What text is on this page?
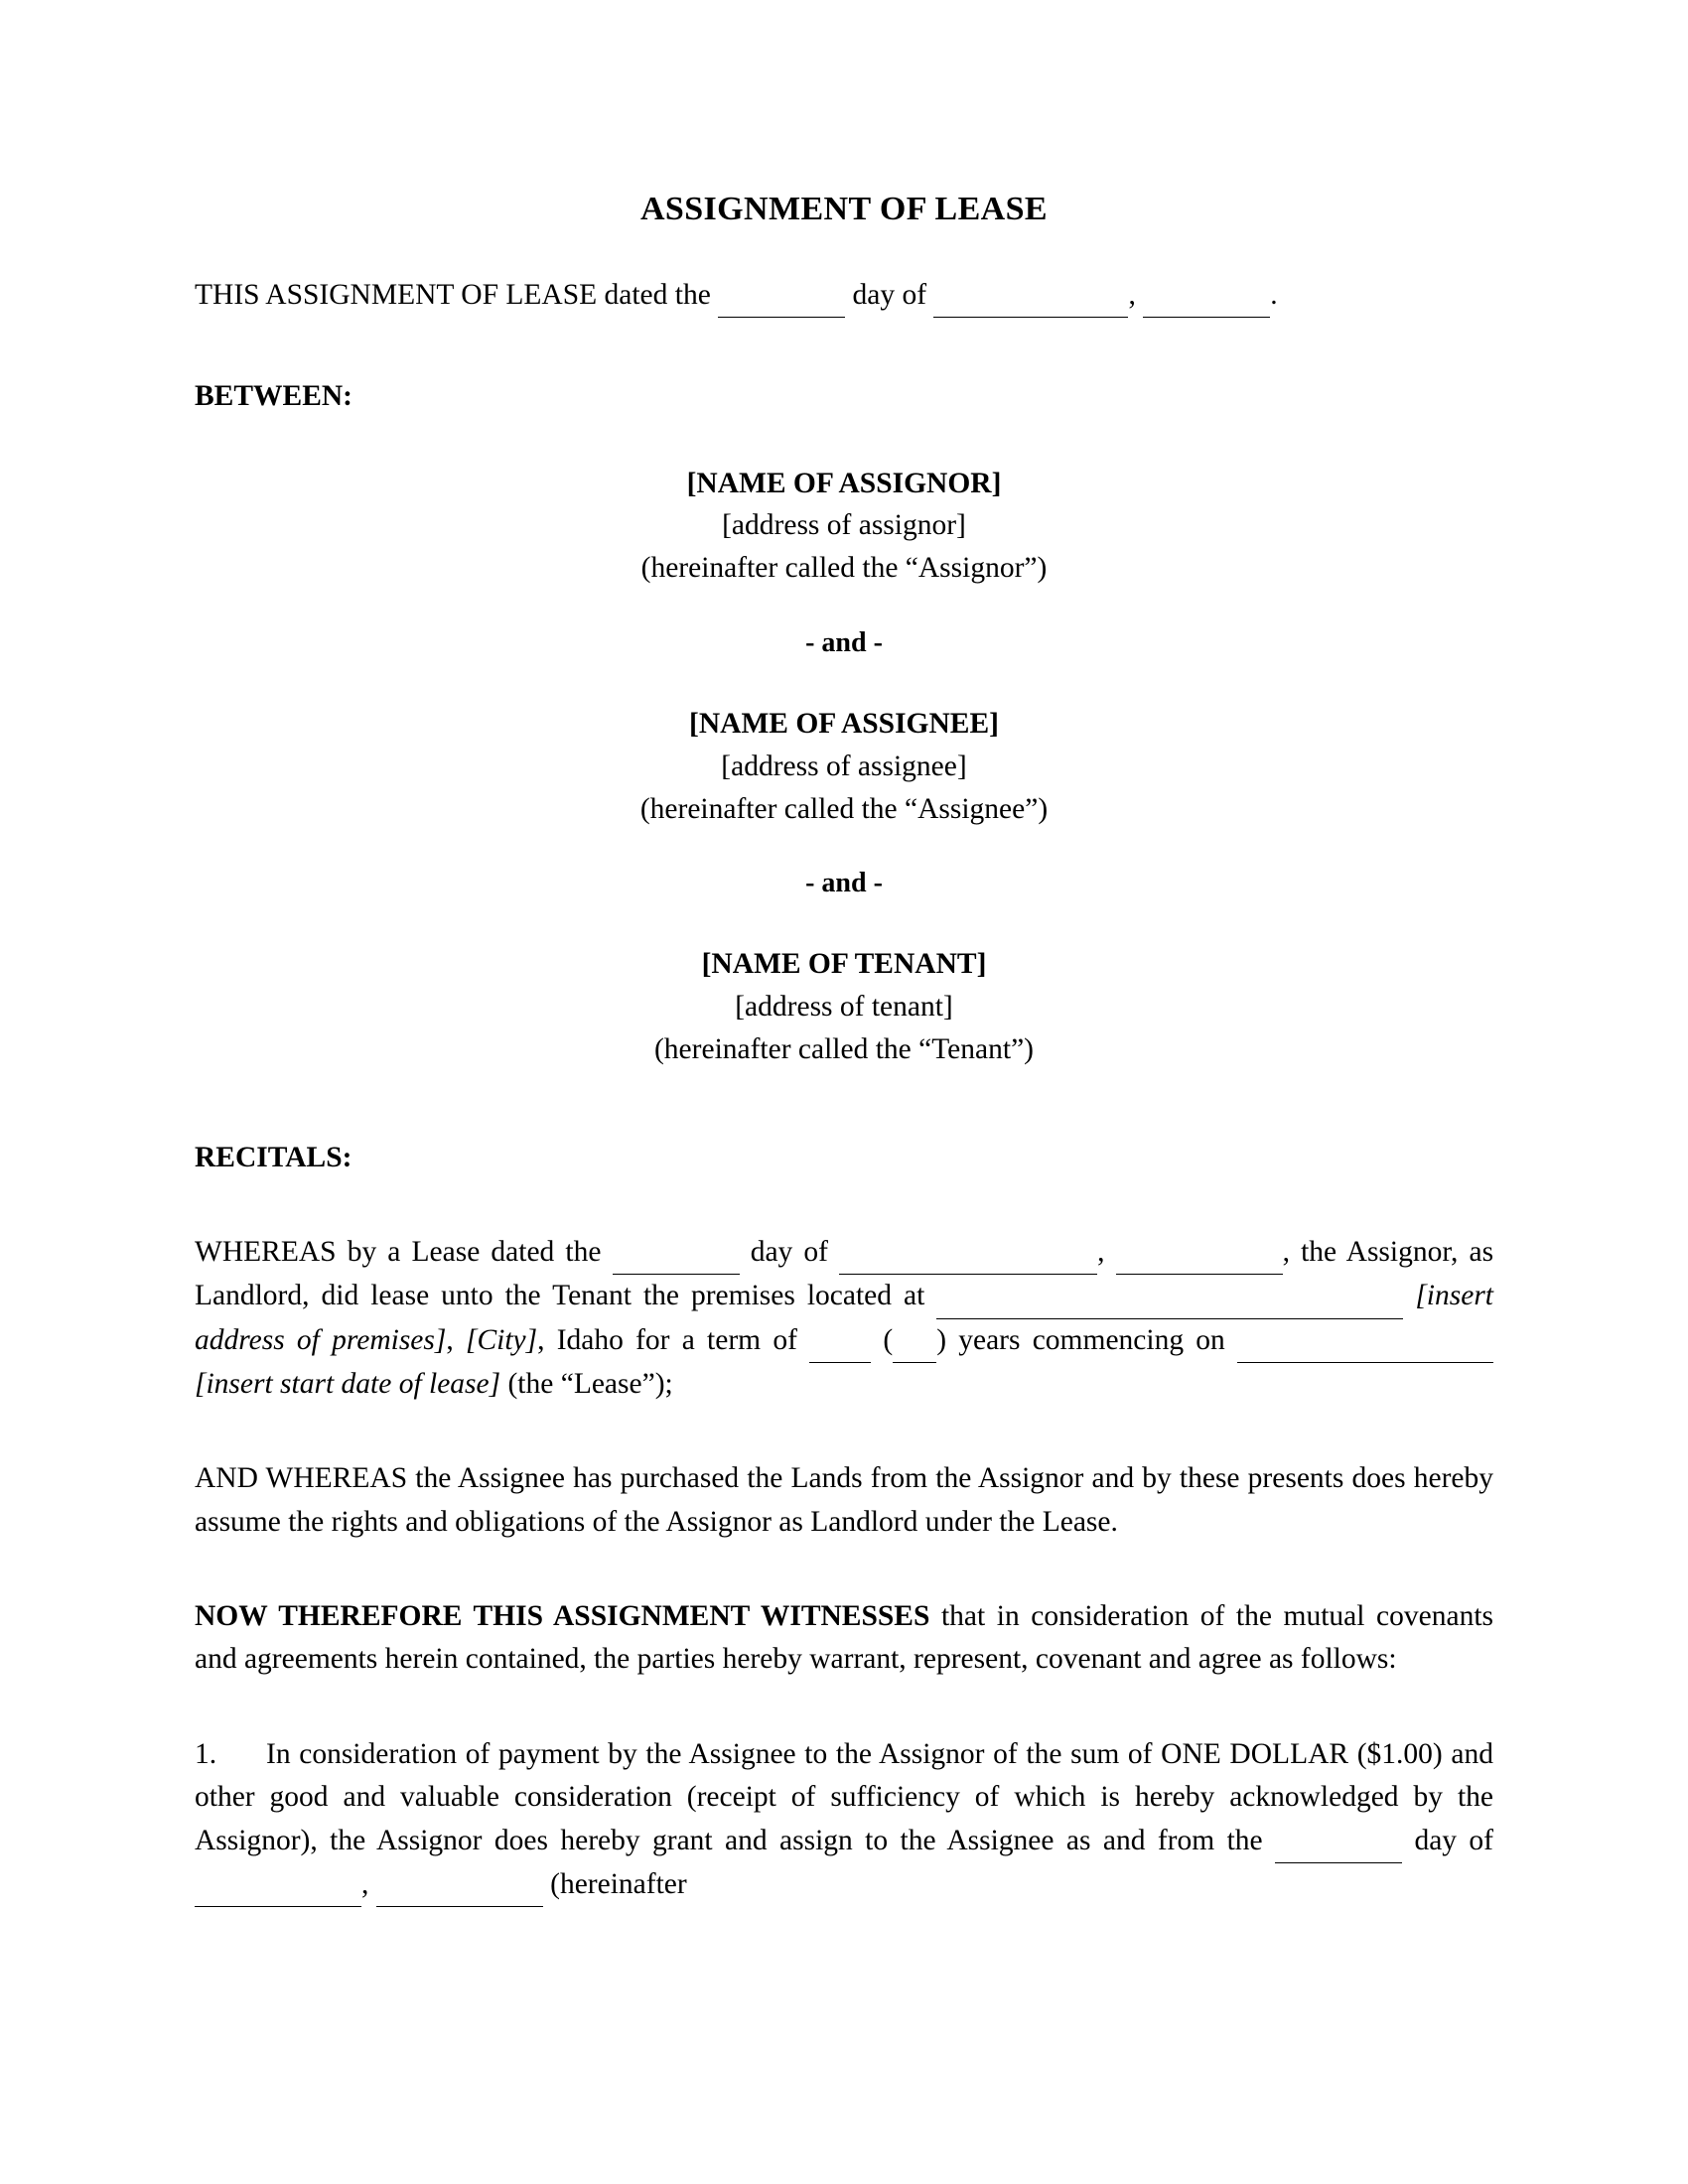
ASSIGNMENT OF LEASE

THIS ASSIGNMENT OF LEASE dated the	day of	,	.

BETWEEN:

[NAME OF ASSIGNOR]
[address of assignor]
(hereinafter called the “Assignor”)
- and -
[NAME OF ASSIGNEE]
[address of assignee]
(hereinafter called the “Assignee”)
- and -
[NAME OF TENANT]
[address of tenant]
(hereinafter called the “Tenant”)

RECITALS:

WHEREAS by a Lease dated the	day of	,	, the Assignor, as Landlord, did lease unto the Tenant the premises located at	[insert address of premises], [City], Idaho for a term of	( ) years commencing on   [insert start date of lease] (the “Lease”);

AND WHEREAS the Assignee has purchased the Lands from the Assignor and by these presents does hereby assume the rights and obligations of the Assignor as Landlord under the Lease.

NOW THEREFORE THIS ASSIGNMENT WITNESSES that in consideration of the mutual covenants and agreements herein contained, the parties hereby warrant, represent, covenant and agree as follows:

1. In consideration of payment by the Assignee to the Assignor of the sum of ONE DOLLAR ($1.00) and other good and valuable consideration (receipt of sufficiency of which is hereby acknowledged by the Assignor), the Assignor does hereby grant and assign to the Assignee as and from the	day of  ,	(hereinafter
